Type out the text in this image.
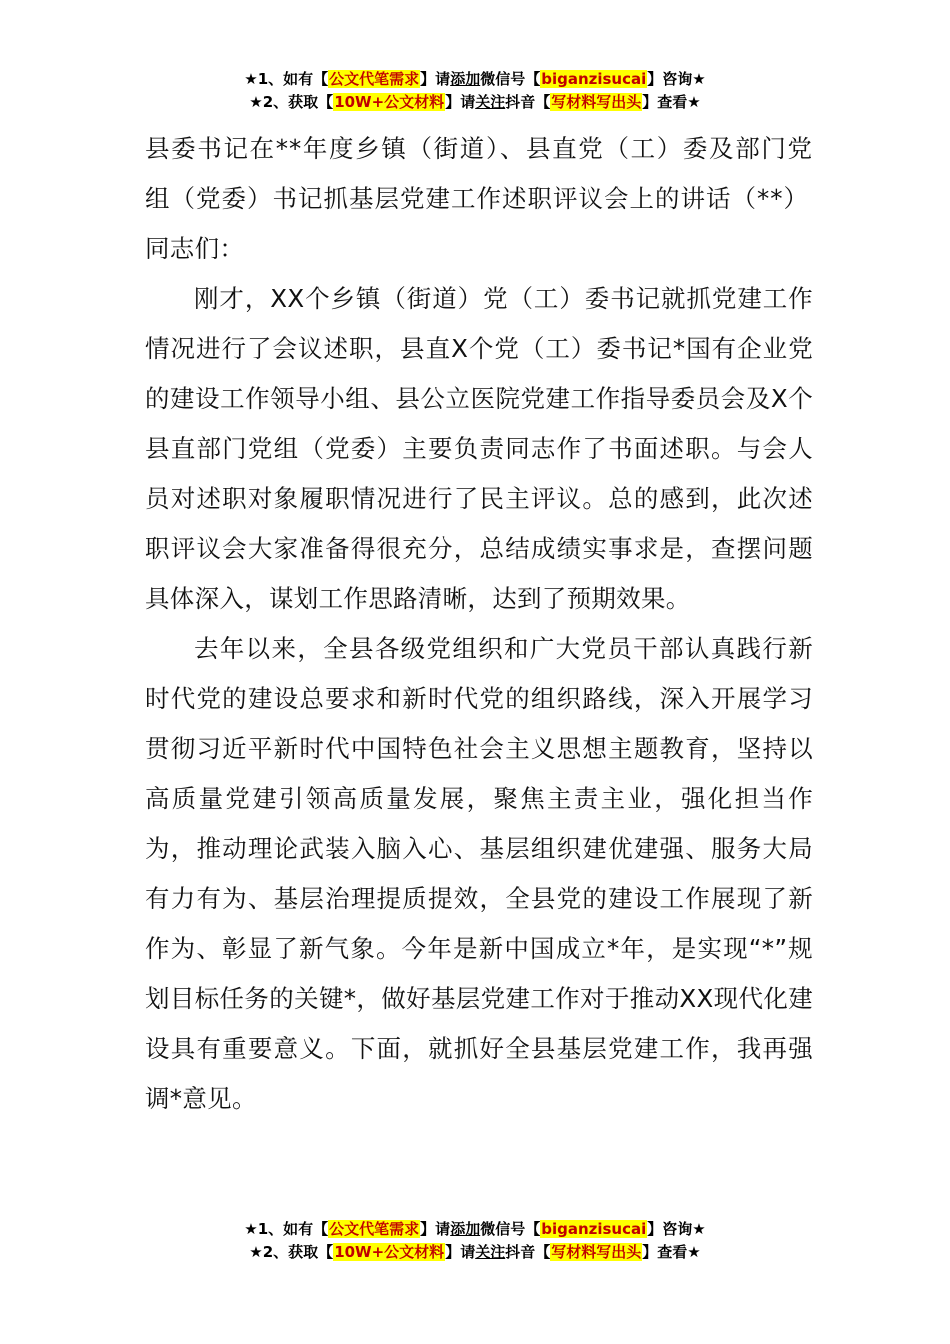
★1、如有【公文代笔需求】请添加微信号【biganzisucai】咨询★
★2、获取【10W+公文材料】请关注抖音【写材料写出头】查看★

县委书记在**年度乡镇（街道）、县直党（工）委及部门党组（党委）书记抓基层党建工作述职评议会上的讲话（**）

同志们：

刚才，XX个乡镇（街道）党（工）委书记就抓党建工作情况进行了会议述职，县直X个党（工）委书记*国有企业党的建设工作领导小组、县公立医院党建工作指导委员会及X个县直部门党组（党委）主要负责同志作了书面述职。与会人员对述职对象履职情况进行了民主评议。总的感到，此次述职评议会大家准备得很充分，总结成绩实事求是，查摆问题具体深入，谋划工作思路清晰，达到了预期效果。

去年以来，全县各级党组织和广大党员干部认真践行新时代党的建设总要求和新时代党的组织路线，深入开展学习贯彻习近平新时代中国特色社会主义思想主题教育，坚持以高质量党建引领高质量发展，聚焦主责主业，强化担当作为，推动理论武装入脑入心、基层组织建优建强、服务大局有力有为、基层治理提质提效，全县党的建设工作展现了新作为、彰显了新气象。今年是新中国成立*年，是实现“*”规划目标任务的关键*，做好基层党建工作对于推动XX现代化建设具有重要意义。下面，就抓好全县基层党建工作，我再强调*意见。

★1、如有【公文代笔需求】请添加微信号【biganzisucai】咨询★
★2、获取【10W+公文材料】请关注抖音【写材料写出头】查看★
